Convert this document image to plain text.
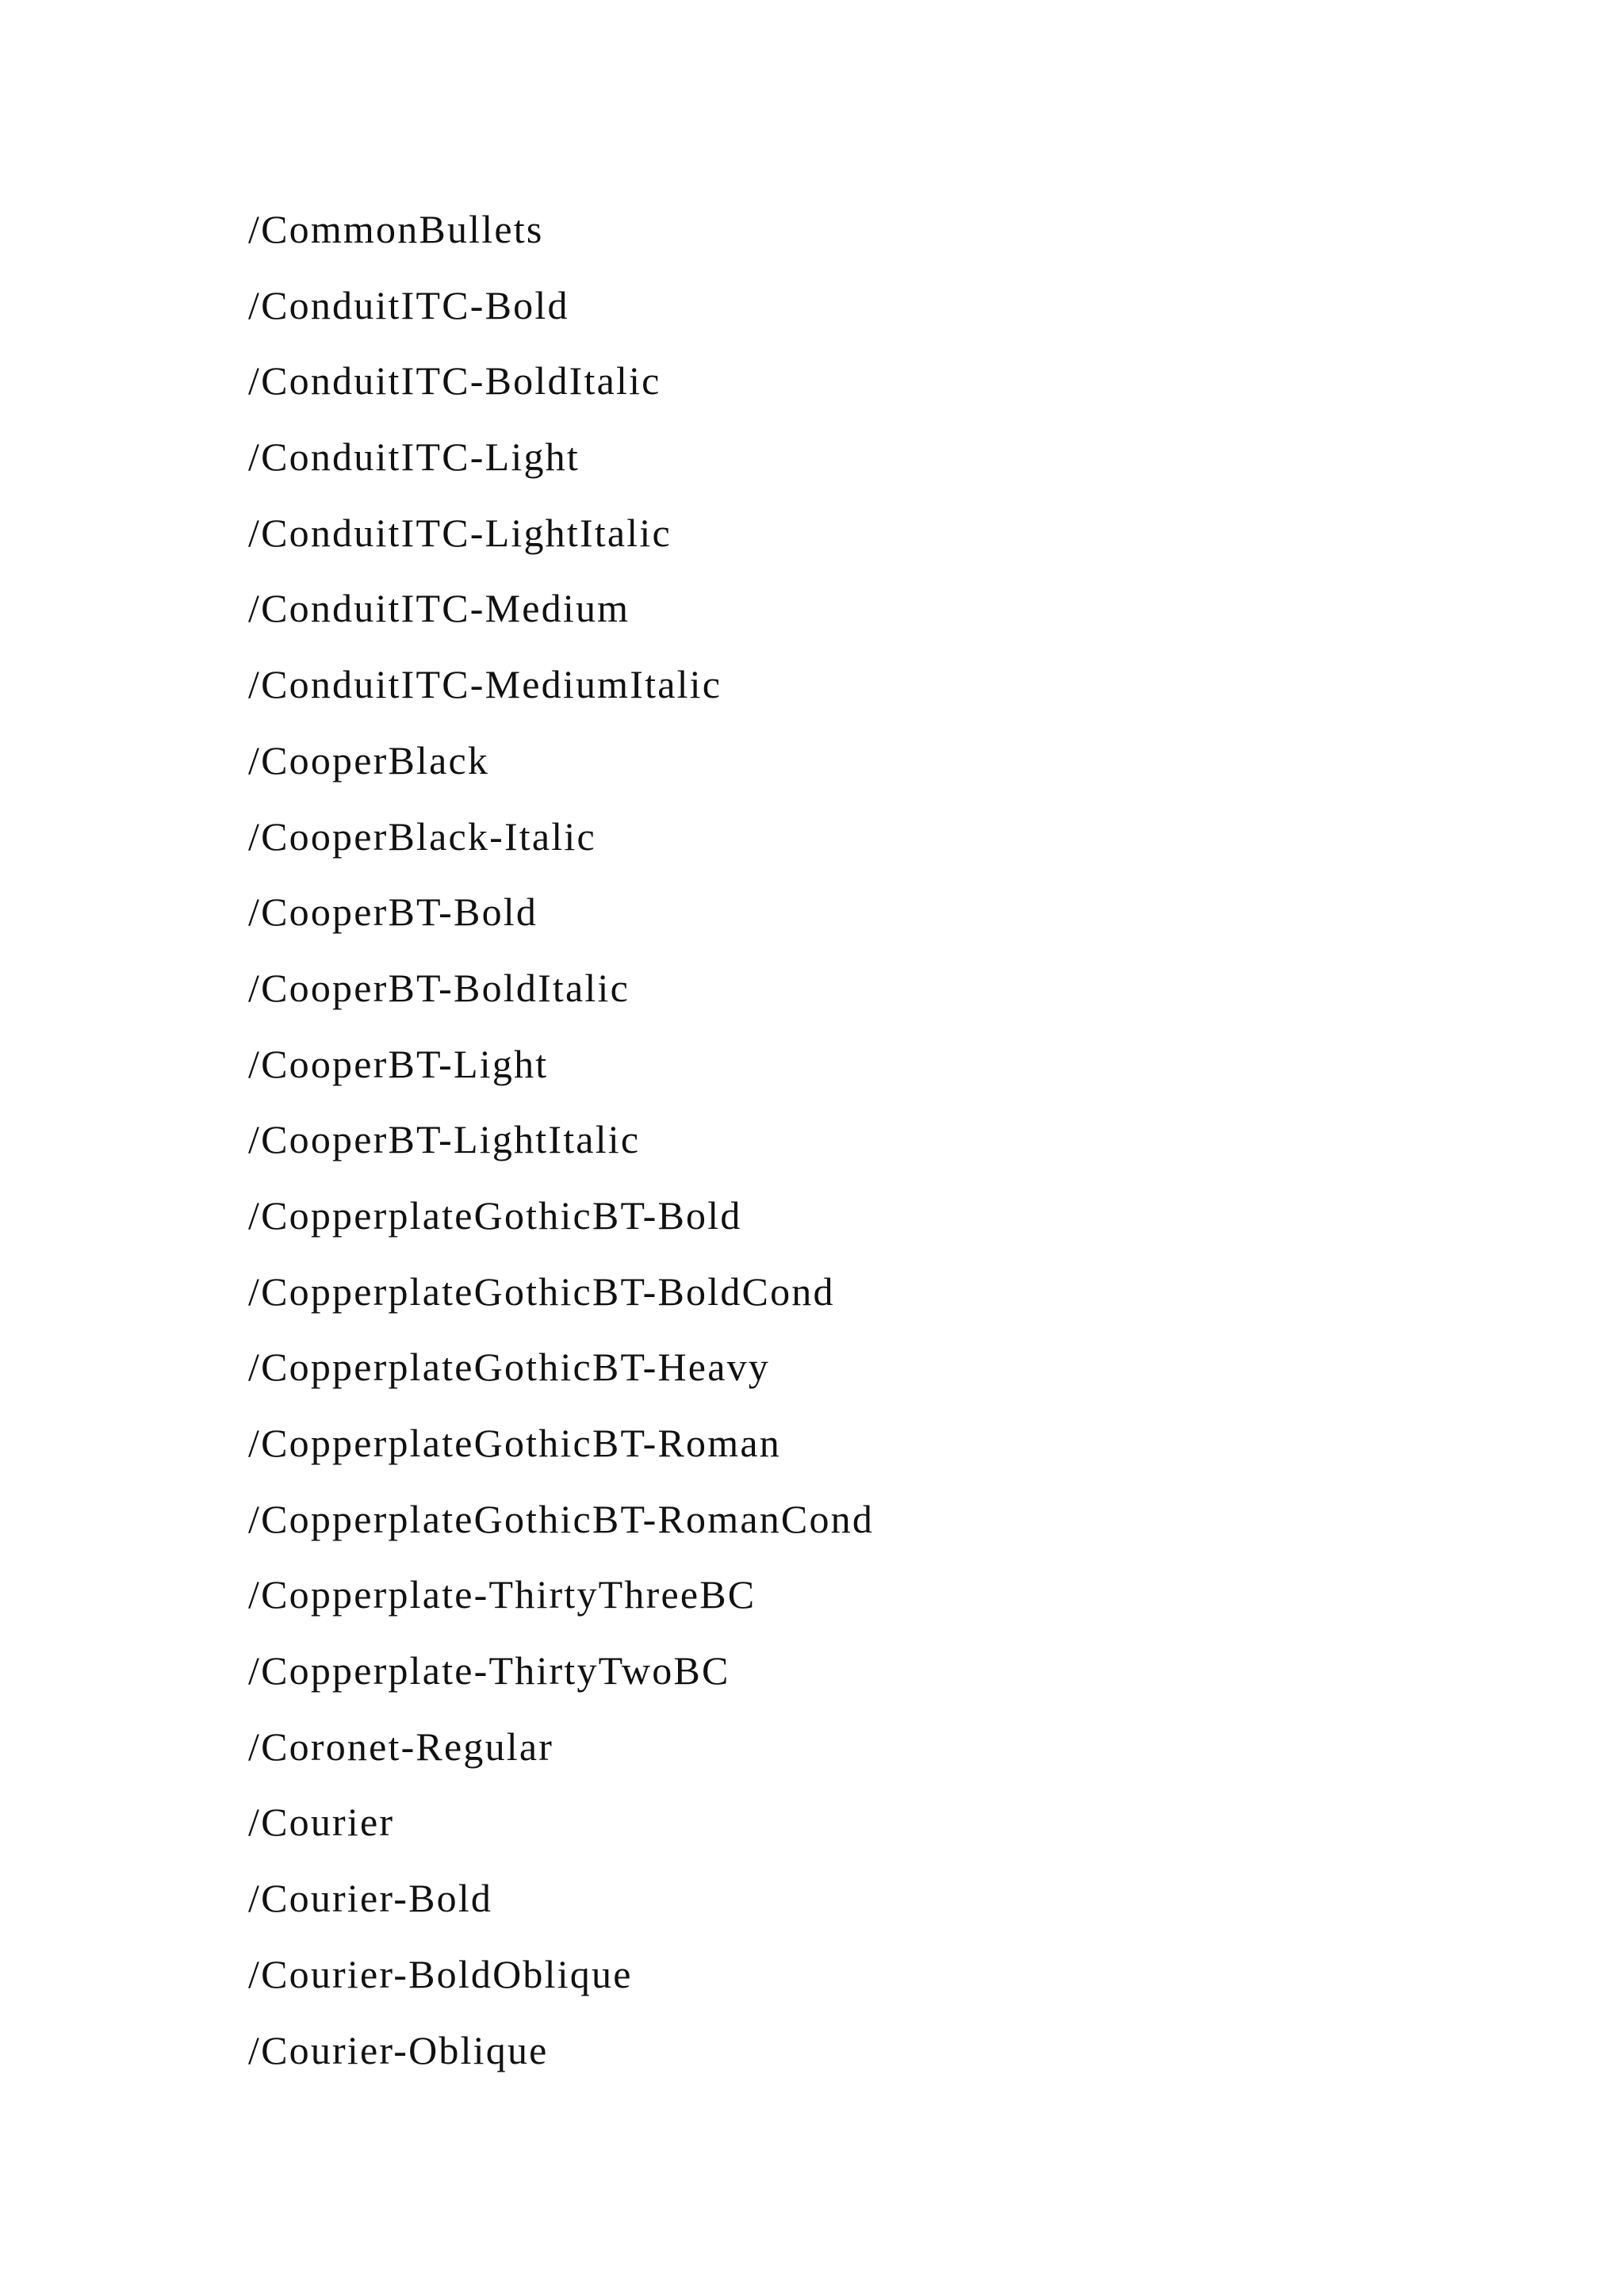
/CommonBullets
/ConduitITC-Bold
/ConduitITC-BoldItalic
/ConduitITC-Light
/ConduitITC-LightItalic
/ConduitITC-Medium
/ConduitITC-MediumItalic
/CooperBlack
/CooperBlack-Italic
/CooperBT-Bold
/CooperBT-BoldItalic
/CooperBT-Light
/CooperBT-LightItalic
/CopperplateGothicBT-Bold
/CopperplateGothicBT-BoldCond
/CopperplateGothicBT-Heavy
/CopperplateGothicBT-Roman
/CopperplateGothicBT-RomanCond
/Copperplate-ThirtyThreeBC
/Copperplate-ThirtyTwoBC
/Coronet-Regular
/Courier
/Courier-Bold
/Courier-BoldOblique
/Courier-Oblique
